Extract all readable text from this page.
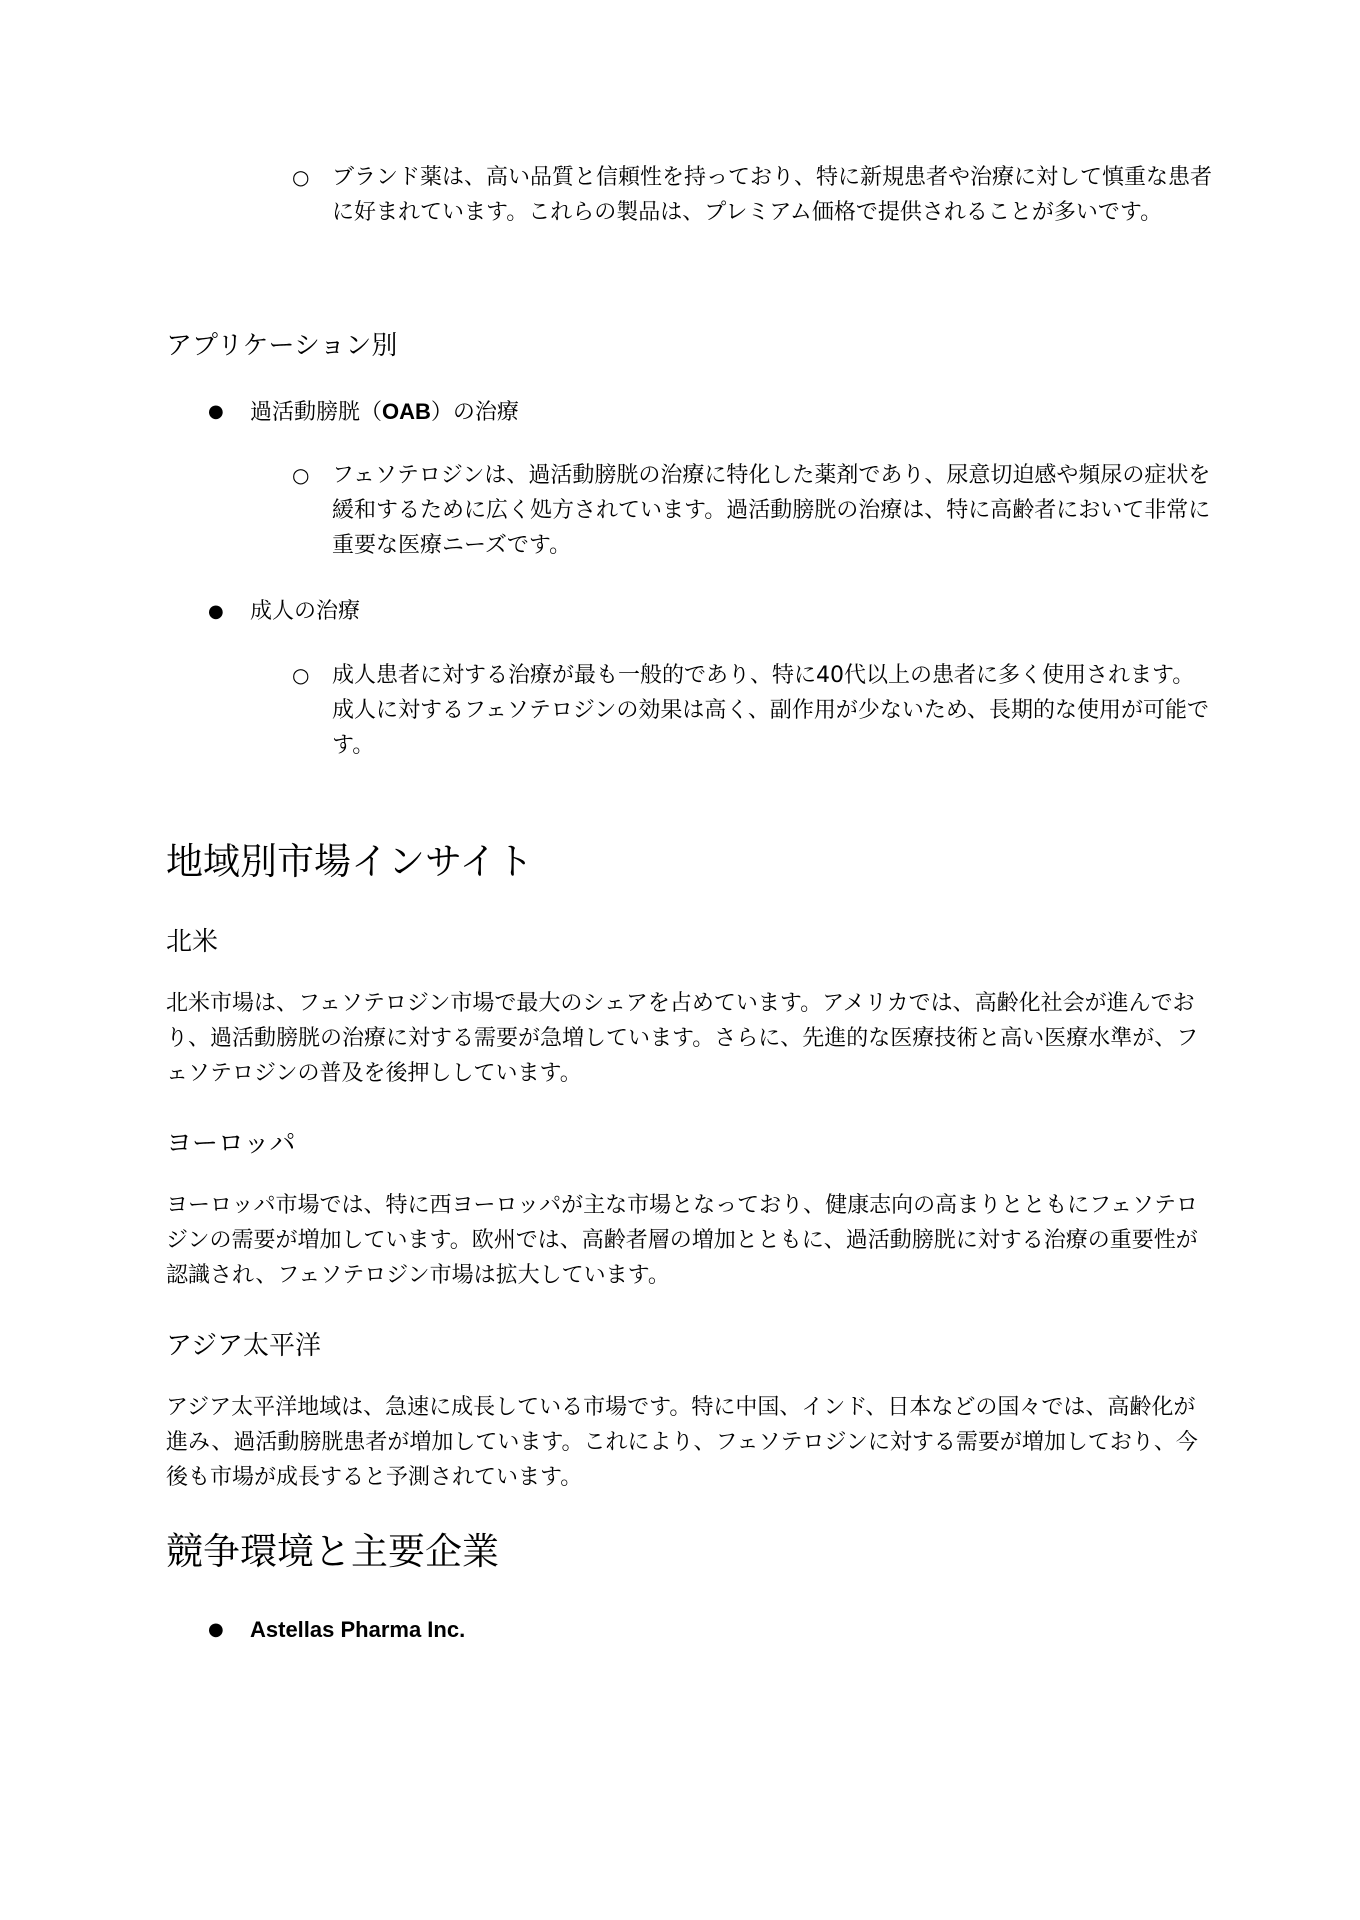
○ ブランド薬は、高い品質と信頼性を持っており、特に新規患者や治療に対して慎重な患者に好まれています。これらの製品は、プレミアム価格で提供されることが多いです。
アプリケーション別
● 過活動膀胱（OAB）の治療
○ フェソテロジンは、過活動膀胱の治療に特化した薬剤であり、尿意切迫感や頻尿の症状を緩和するために広く処方されています。過活動膀胱の治療は、特に高齢者において非常に重要な医療ニーズです。
● 成人の治療
○ 成人患者に対する治療が最も一般的であり、特に40代以上の患者に多く使用されます。成人に対するフェソテロジンの効果は高く、副作用が少ないため、長期的な使用が可能です。
地域別市場インサイト
北米
北米市場は、フェソテロジン市場で最大のシェアを占めています。アメリカでは、高齢化社会が進んでおり、過活動膀胱の治療に対する需要が急増しています。さらに、先進的な医療技術と高い医療水準が、フェソテロジンの普及を後押ししています。
ヨーロッパ
ヨーロッパ市場では、特に西ヨーロッパが主な市場となっており、健康志向の高まりとともにフェソテロジンの需要が増加しています。欧州では、高齢者層の増加とともに、過活動膀胱に対する治療の重要性が認識され、フェソテロジン市場は拡大しています。
アジア太平洋
アジア太平洋地域は、急速に成長している市場です。特に中国、インド、日本などの国々では、高齢化が進み、過活動膀胱患者が増加しています。これにより、フェソテロジンに対する需要が増加しており、今後も市場が成長すると予測されています。
競争環境と主要企業
● Astellas Pharma Inc.
